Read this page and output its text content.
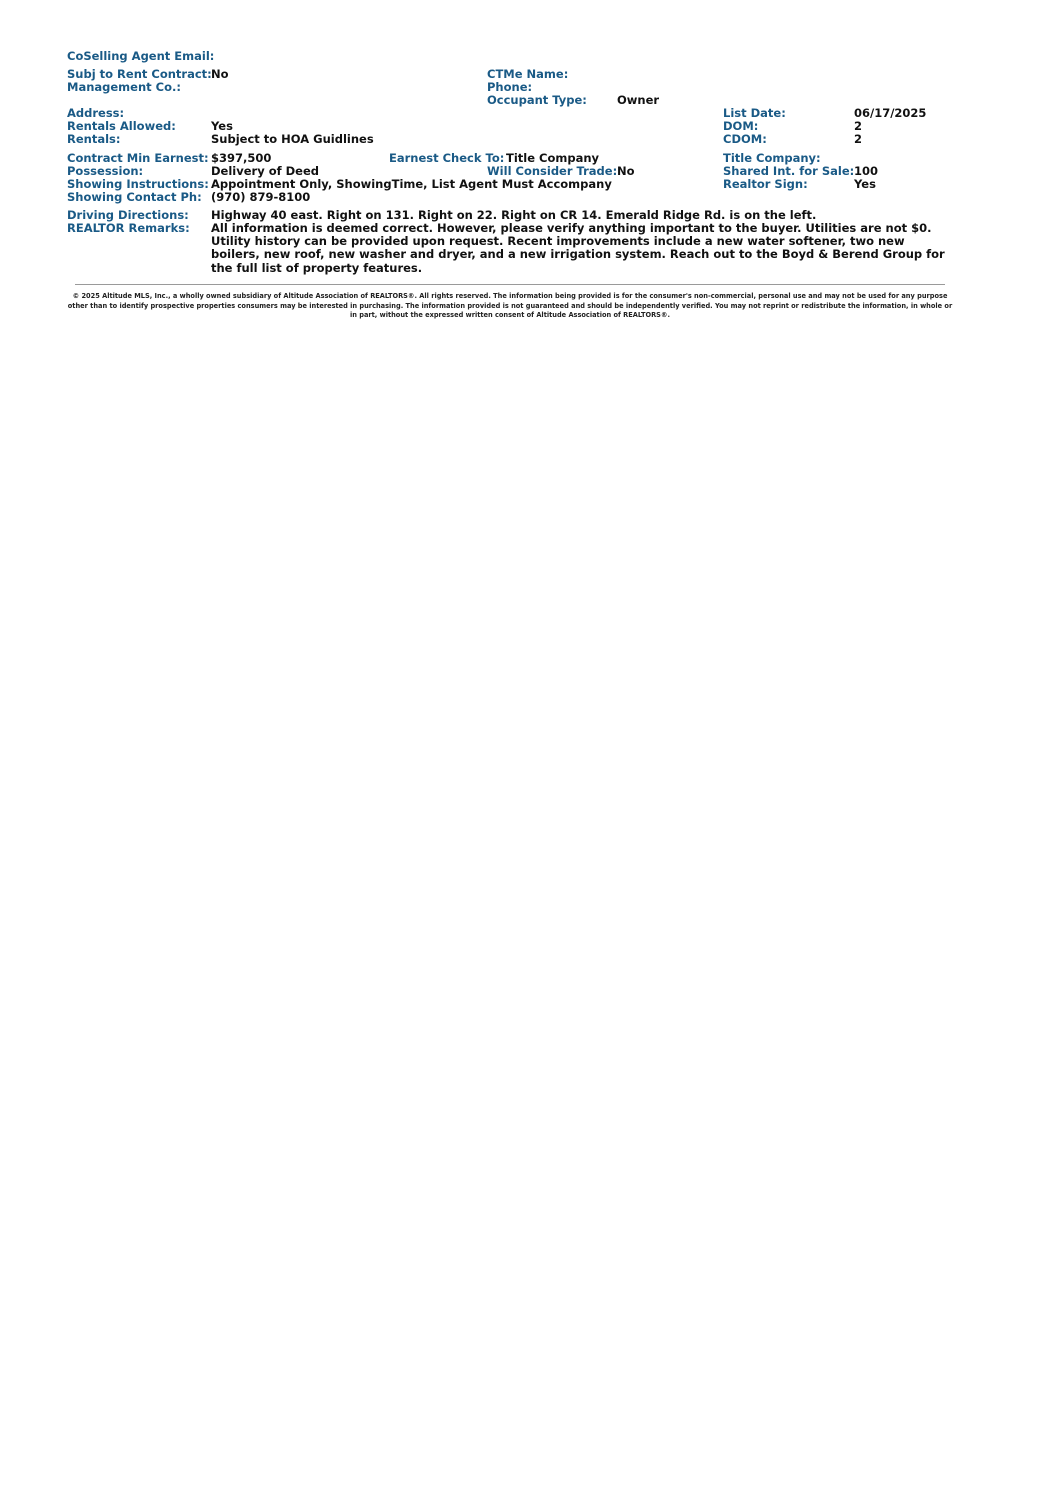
CoSelling Agent Email:
Subj to Rent Contract: No
Management Co.:
CTMe Name:
Phone:
Occupant Type:	Owner
Address:
Rentals Allowed:	Yes
Rentals:	Subject to HOA Guidlines
List Date:	06/17/2025
DOM:	2
CDOM:	2
Contract Min Earnest: $397,500	Earnest Check To: Title Company	Title Company:
Possession:	Delivery of Deed	Will Consider Trade: No	Shared Int. for Sale: 100
Showing Instructions: Appointment Only, ShowingTime, List Agent Must Accompany	Realtor Sign:	Yes
Showing Contact Ph: (970) 879-8100
Driving Directions: Highway 40 east. Right on 131. Right on 22. Right on CR 14. Emerald Ridge Rd. is on the left.
REALTOR Remarks: All information is deemed correct. However, please verify anything important to the buyer. Utilities are not $0. Utility history can be provided upon request. Recent improvements include a new water softener, two new boilers, new roof, new washer and dryer, and a new irrigation system. Reach out to the Boyd & Berend Group for the full list of property features.
© 2025 Altitude MLS, Inc., a wholly owned subsidiary of Altitude Association of REALTORS®. All rights reserved. The information being provided is for the consumer's non-commercial, personal use and may not be used for any purpose other than to identify prospective properties consumers may be interested in purchasing. The information provided is not guaranteed and should be independently verified. You may not reprint or redistribute the information, in whole or in part, without the expressed written consent of Altitude Association of REALTORS®.
